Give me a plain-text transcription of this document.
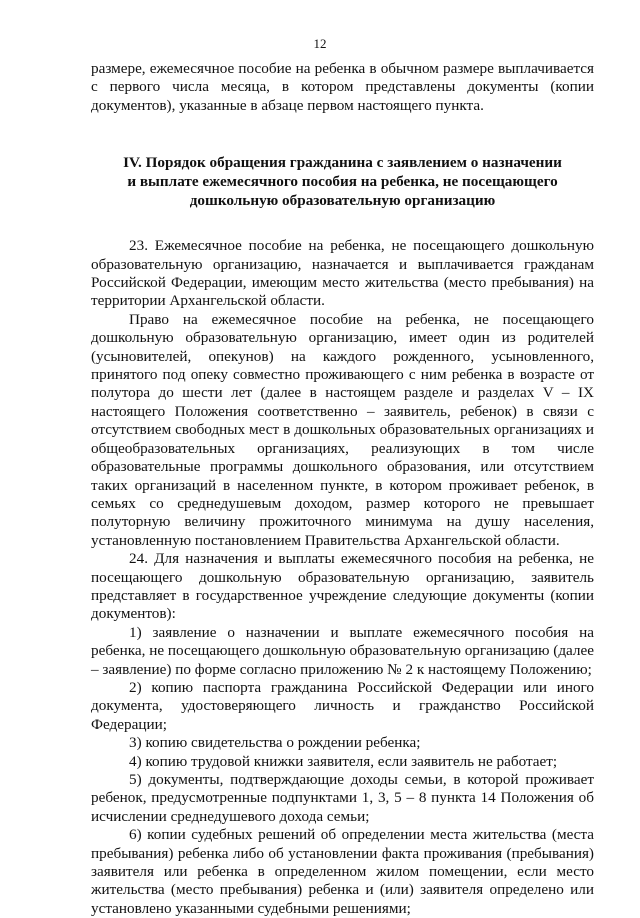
12

размере, ежемесячное пособие на ребенка в обычном размере выплачивается с первого числа месяца, в котором представлены документы (копии документов), указанные в абзаце первом настоящего пункта.

IV. Порядок обращения гражданина с заявлением о назначении
и выплате ежемесячного пособия на ребенка, не посещающего
дошкольную образовательную организацию

23. Ежемесячное пособие на ребенка, не посещающего дошкольную образовательную организацию, назначается и выплачивается гражданам Российской Федерации, имеющим место жительства (место пребывания) на территории Архангельской области.

Право на ежемесячное пособие на ребенка, не посещающего дошкольную образовательную организацию, имеет один из родителей (усыновителей, опекунов) на каждого рожденного, усыновленного, принятого под опеку совместно проживающего с ним ребенка в возрасте от полутора до шести лет (далее в настоящем разделе и разделах V – IX настоящего Положения соответственно – заявитель, ребенок) в связи с отсутствием свободных мест в дошкольных образовательных организациях и общеобразовательных организациях, реализующих в том числе образовательные программы дошкольного образования, или отсутствием таких организаций в населенном пункте, в котором проживает ребенок, в семьях со среднедушевым доходом, размер которого не превышает полуторную величину прожиточного минимума на душу населения, установленную постановлением Правительства Архангельской области.

24. Для назначения и выплаты ежемесячного пособия на ребенка, не посещающего дошкольную образовательную организацию, заявитель представляет в государственное учреждение следующие документы (копии документов):

1) заявление о назначении и выплате ежемесячного пособия на ребенка, не посещающего дошкольную образовательную организацию (далее – заявление) по форме согласно приложению № 2 к настоящему Положению;

2) копию паспорта гражданина Российской Федерации или иного документа, удостоверяющего личность и гражданство Российской Федерации;

3) копию свидетельства о рождении ребенка;

4) копию трудовой книжки заявителя, если заявитель не работает;

5) документы, подтверждающие доходы семьи, в которой проживает ребенок, предусмотренные подпунктами 1, 3, 5 – 8 пункта 14 Положения об исчислении среднедушевого дохода семьи;

6) копии судебных решений об определении места жительства (места пребывания) ребенка либо об установлении факта проживания (пребывания) заявителя или ребенка в определенном жилом помещении, если место жительства (место пребывания) ребенка и (или) заявителя определено или установлено указанными судебными решениями;
